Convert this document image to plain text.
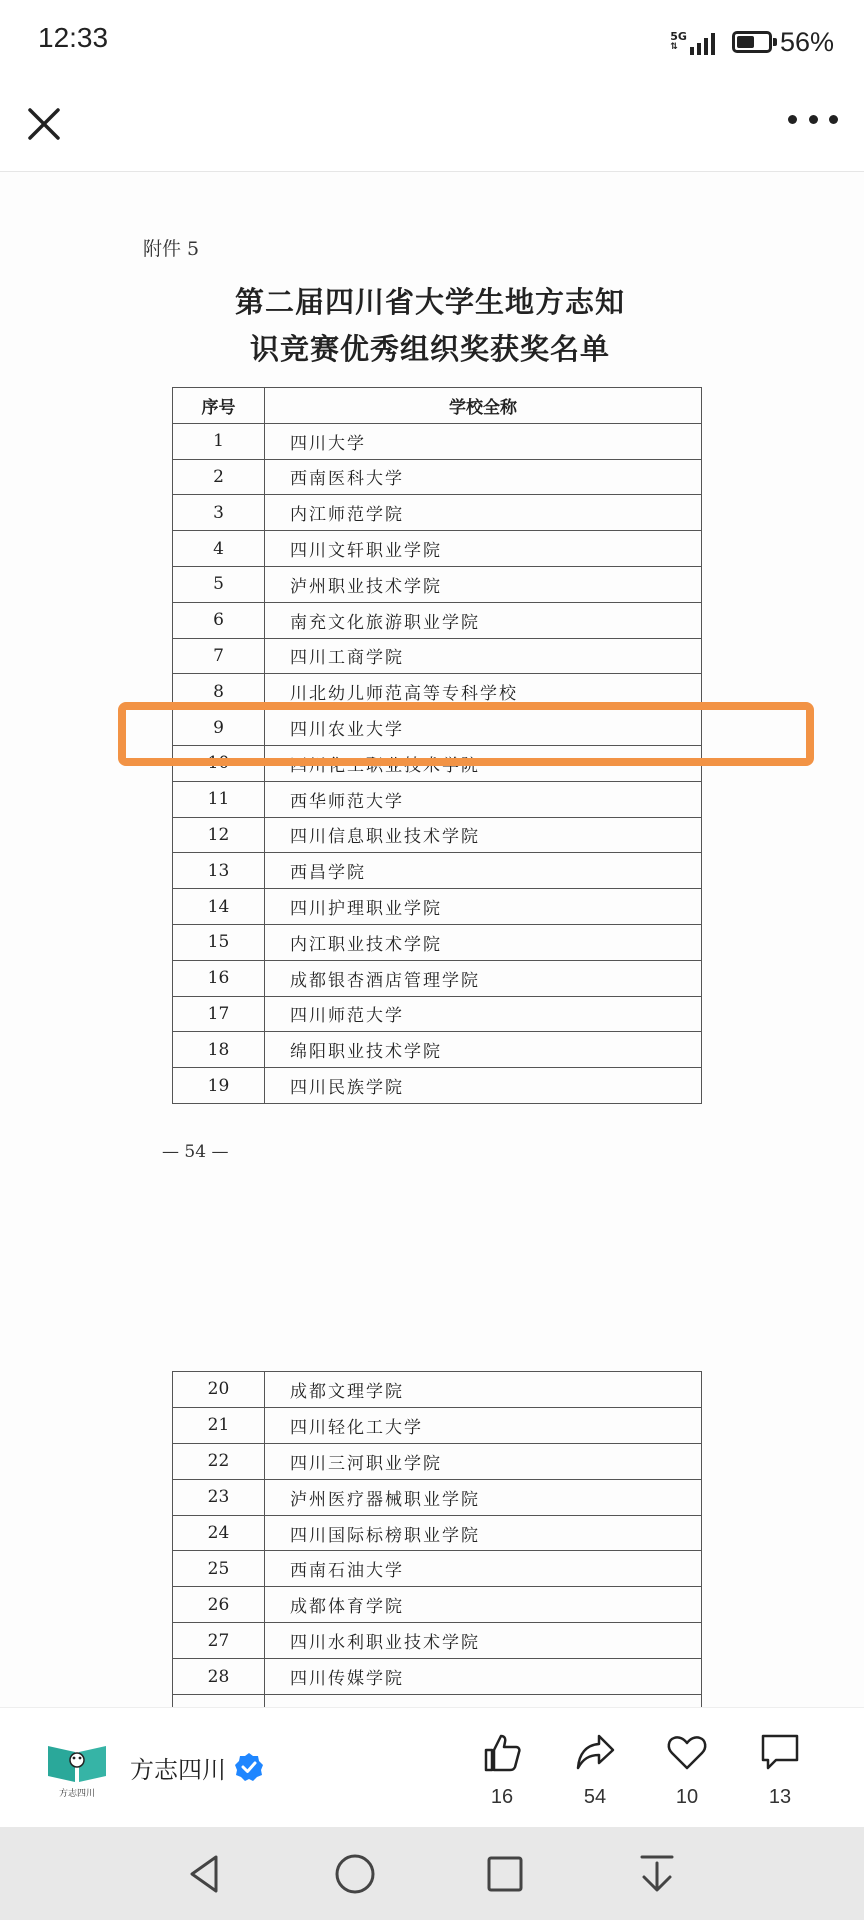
12:33	5G
⇅	56%
附件 5
第二届四川省大学生地方志知
识竞赛优秀组织奖获奖名单
序号	学校全称
1	四川大学
2	西南医科大学
3	内江师范学院
4	四川文轩职业学院
5	泸州职业技术学院
6	南充文化旅游职业学院
7	四川工商学院
8	川北幼儿师范高等专科学校
9	四川农业大学
10	四川化工职业技术学院
11	西华师范大学
12	四川信息职业技术学院
13	西昌学院
14	四川护理职业学院
15	内江职业技术学院
16	成都银杏酒店管理学院
17	四川师范大学
18	绵阳职业技术学院
19	四川民族学院
— 54 —
20	成都文理学院
21	四川轻化工大学
22	四川三河职业学院
23	泸州医疗器械职业学院
24	四川国际标榜职业学院
25	西南石油大学
26	成都体育学院
27	四川水利职业技术学院
28	四川传媒学院

方志四川
方志四川
16	54	10	13
